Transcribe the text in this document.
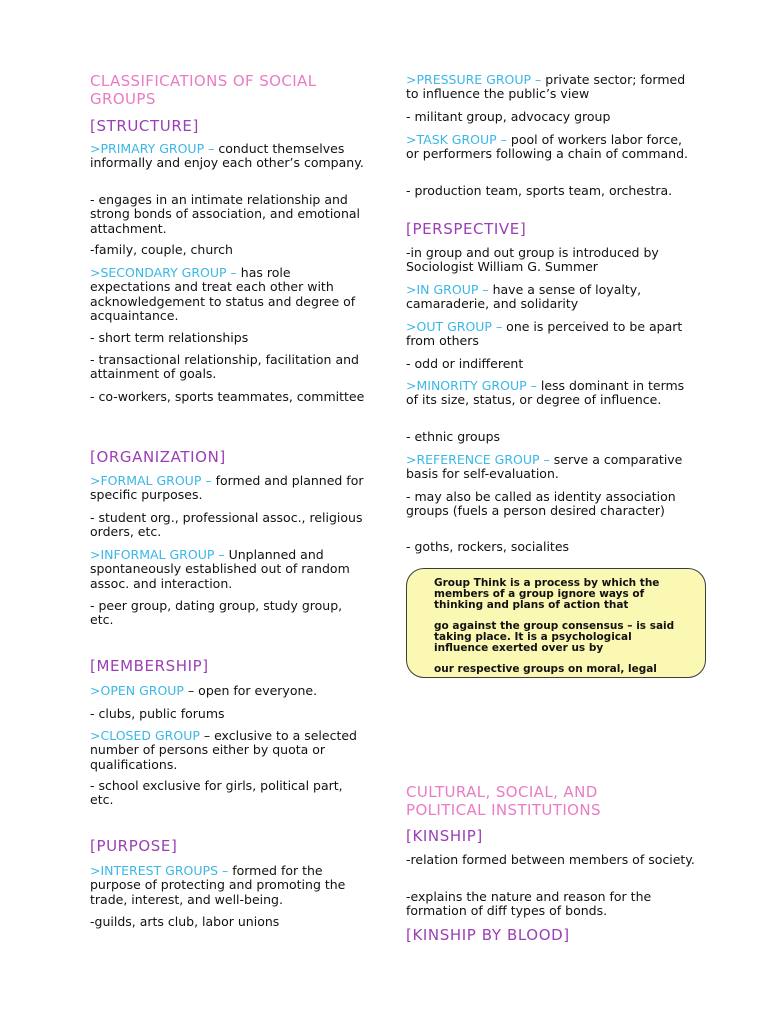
CLASSIFICATIONS OF SOCIAL
GROUPS
[STRUCTURE]

>PRIMARY GROUP – conduct themselves informally and enjoy each other’s company.

- engages in an intimate relationship and strong bonds of association, and emotional attachment.

-family, couple, church

>SECONDARY GROUP – has role expectations and treat each other with acknowledgement to status and degree of acquaintance.

- short term relationships

- transactional relationship, facilitation and attainment of goals.

- co-workers, sports teammates, committee

[ORGANIZATION]

>FORMAL GROUP – formed and planned for specific purposes.

- student org., professional assoc., religious orders, etc.

>INFORMAL GROUP – Unplanned and spontaneously established out of random assoc. and interaction.

- peer group, dating group, study group, etc.

[MEMBERSHIP]

>OPEN GROUP – open for everyone.

- clubs, public forums

>CLOSED GROUP – exclusive to a selected number of persons either by quota or qualifications.

- school exclusive for girls, political part, etc.

[PURPOSE]

>INTEREST GROUPS – formed for the purpose of protecting and promoting the trade, interest, and well-being.

-guilds, arts club, labor unions

>PRESSURE GROUP – private sector; formed to influence the public’s view

- militant group, advocacy group

>TASK GROUP – pool of workers labor force, or performers following a chain of command.

- production team, sports team, orchestra.

[PERSPECTIVE]

-in group and out group is introduced by Sociologist William G. Summer

>IN GROUP – have a sense of loyalty, camaraderie, and solidarity

>OUT GROUP – one is perceived to be apart from others

- odd or indifferent

>MINORITY GROUP – less dominant in terms of its size, status, or degree of influence.

- ethnic groups

>REFERENCE GROUP – serve a comparative basis for self-evaluation.

- may also be called as identity association groups (fuels a person desired character)

- goths, rockers, socialites

CULTURAL, SOCIAL, AND
POLITICAL INSTITUTIONS
[KINSHIP]

-relation formed between members of society.

-explains the nature and reason for the formation of diff types of bonds.

[KINSHIP BY BLOOD]

Group Think is a process by which the members of a group ignore ways of thinking and plans of action that

go against the group consensus – is said taking place. It is a psychological influence exerted over us by

our respective groups on moral, legal
